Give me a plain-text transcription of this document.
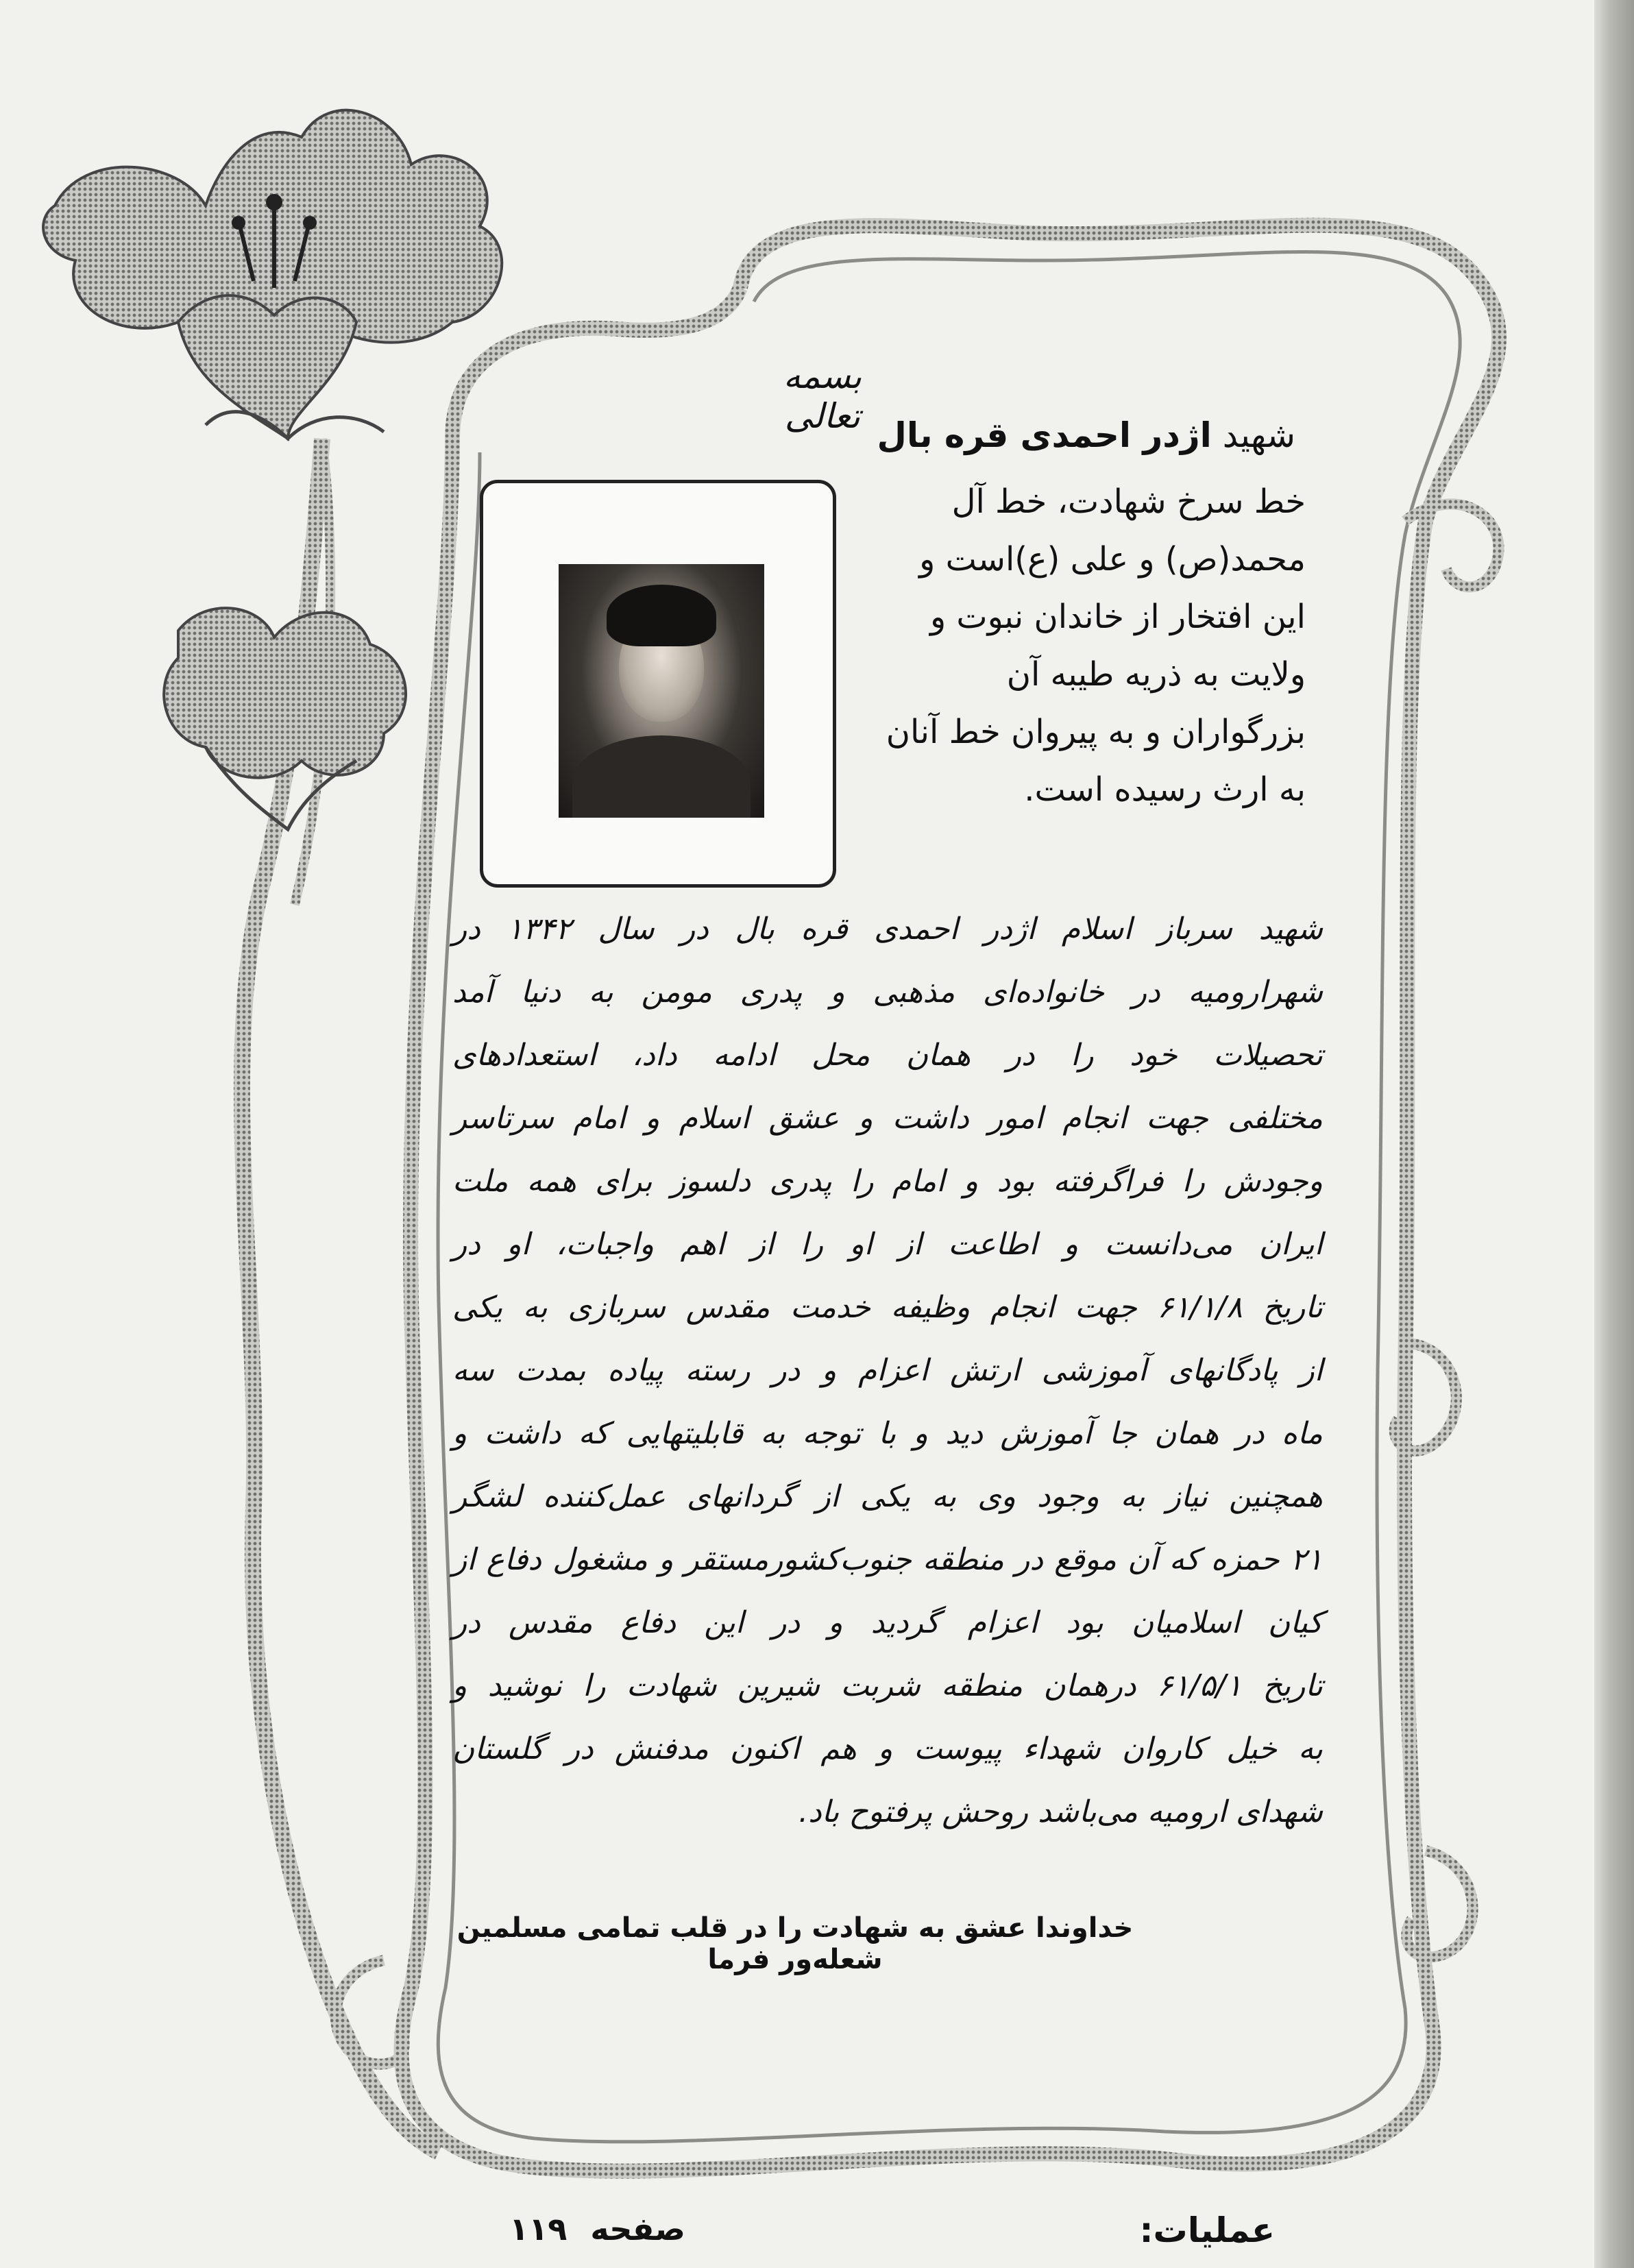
بسمه تعالی	شهید اژدر احمدی قره بال

خط سرخ شهادت، خط آل

محمد(ص) و علی (ع)است و

این افتخار از خاندان نبوت و

ولایت به ذریه طیبه آن

بزرگواران و به پیروان خط آنان

به ارث رسیده است.

شهید سرباز اسلام اژدر احمدی قره بال در سال ۱۳۴۲ در

شهرارومیه در خانواده‌ای مذهبی و پدری مومن به دنیا آمد

تحصیلات خود را در همان محل ادامه داد، استعدادهای

مختلفی جهت انجام امور داشت و عشق اسلام و امام سرتاسر

وجودش را فراگرفته بود و امام را پدری دلسوز برای همه ملت

ایران می‌دانست و اطاعت از او را از اهم واجبات، او در

تاریخ ۶۱/۱/۸ جهت انجام وظیفه خدمت مقدس سربازی به یکی

از پادگانهای آموزشی ارتش اعزام و در رسته پیاده بمدت سه

ماه در همان جا آموزش دید و با توجه به قابلیتهایی که داشت و

همچنین نیاز به وجود وی به یکی از گردانهای عمل‌کننده لشگر

۲۱ حمزه که آن موقع در منطقه جنوب‌کشورمستقر و مشغول دفاع از

کیان اسلامیان بود اعزام گردید و در این دفاع مقدس در

تاریخ ۶۱/۵/۱ درهمان منطقه شربت شیرین شهادت را نوشید و

به خیل کاروان شهداء پیوست و هم اکنون مدفنش در گلستان

شهدای ارومیه می‌باشد روحش پرفتوح باد.

خداوندا عشق به شهادت را در قلب تمامی مسلمین شعله‌ور فرما
عملیات:
صفحه ۱۱۹
